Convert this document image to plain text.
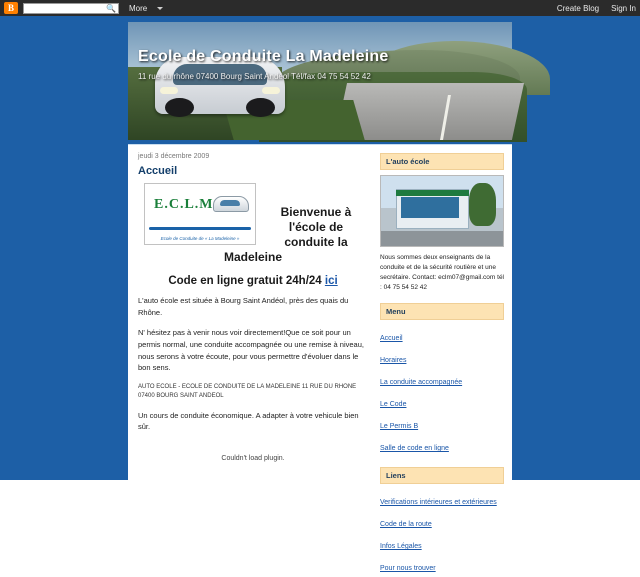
B	🔍 More	Create Blog Sign In
Ecole de Conduite La Madeleine
11 rue du rhône 07400 Bourg Saint Andéol Tél/fax 04 75 54 52 42
jeudi 3 décembre 2009
Accueil
E.C.L.M
Ecole de Conduite de « La Madeleine »
Bienvenue à
l'école de
conduite la Madeleine
Code en ligne gratuit 24h/24 ici

L'auto école est située à Bourg Saint Andéol, près des quais du Rhône.

N' hésitez pas à venir nous voir directement!Que ce soit pour un permis normal, une conduite accompagnée ou une remise à niveau, nous serons à votre écoute, pour vous permettre d'évoluer dans le bon sens.

AUTO ECOLE - ECOLE DE CONDUITE DE LA MADELEINE 11 RUE DU RHONE 07400 BOURG SAINT ANDEOL

Un cours de conduite économique. A adapter à votre vehicule bien sûr.

Couldn't load plugin.
L'auto école

Nous sommes deux enseignants de la conduite et de la sécurité routière et une secrétaire. Contact: eclm07@gmail.com tél : 04 75 54 52 42

Menu
Accueil
Horaires
La conduite accompagnée
Le Code
Le Permis B
Salle de code en ligne
Liens
Verifications intérieures et extérieures
Code de la route
Infos Légales
Pour nous trouver
